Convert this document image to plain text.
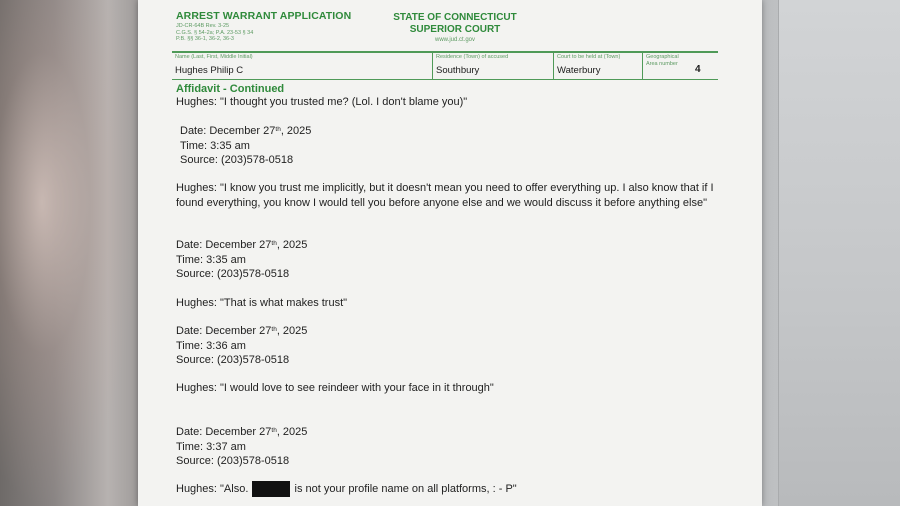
ARREST WARRANT APPLICATION
JD-CR-64B Rev. 3-25
C.G.S. § 54-2a; P.A. 23-53 § 34
P.B. §§ 36-1, 36-2, 36-3
STATE OF CONNECTICUT
SUPERIOR COURT
www.jud.ct.gov
Name (Last, First, Middle Initial)
Hughes Philip C
Residence (Town) of accused
Southbury
Court to be held at (Town)
Waterbury
Geographical
Area number
4
Affidavit - Continued
Hughes: "I thought you trusted me? (Lol. I don't blame you)"
Date: December 27th, 2025
Time: 3:35 am
Source: (203)578-0518
Hughes: "I know you trust me implicitly, but it doesn't mean you need to offer everything up. I also know that if I found everything, you know I would tell you before anyone else and we would discuss it before anything else"
Date: December 27th, 2025
Time: 3:35 am
Source: (203)578-0518
Hughes: "That is what makes trust"
Date: December 27th, 2025
Time: 3:36 am
Source: (203)578-0518
Hughes: "I would love to see reindeer with your face in it through"
Date: December 27th, 2025
Time: 3:37 am
Source: (203)578-0518
Hughes: "Also.	is not your profile name on all platforms, : - P"
